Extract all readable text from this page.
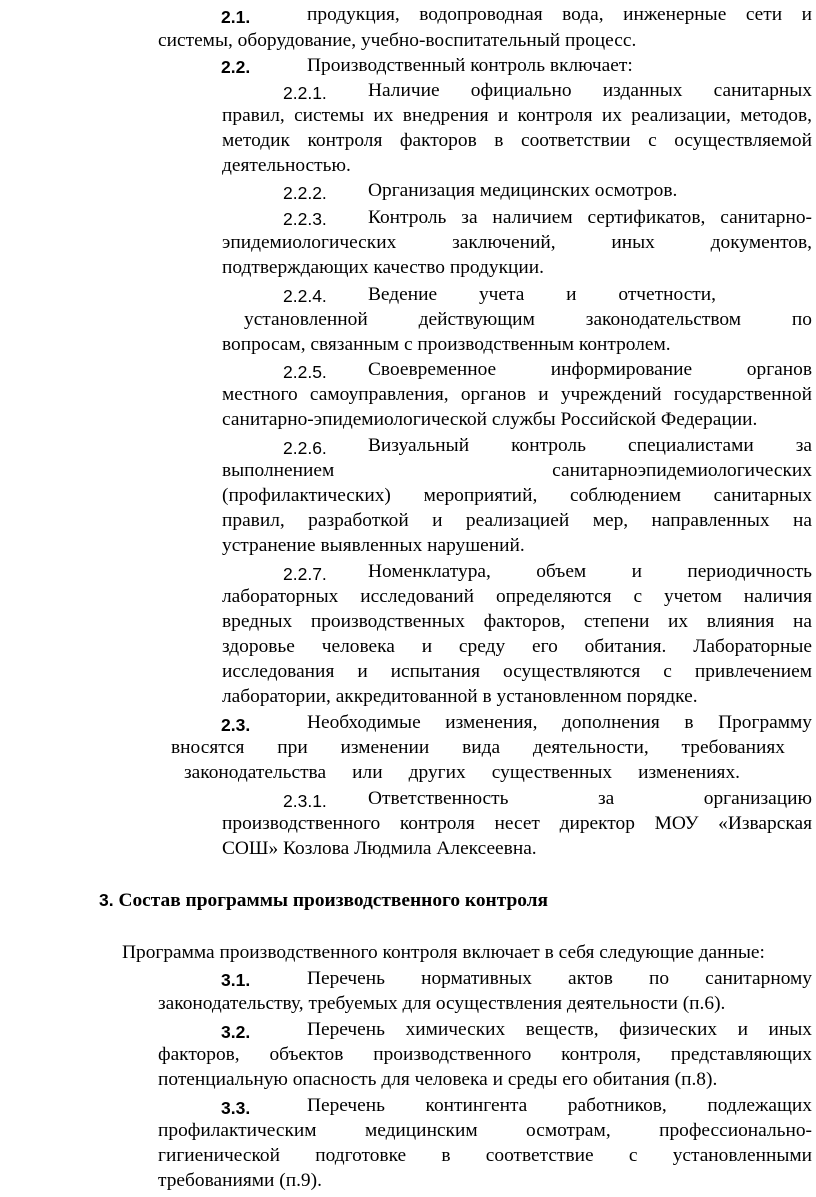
2.1.	продукция, водопроводная вода, инженерные сети и
системы, оборудование, учебно-воспитательный процесс.
2.2.	Производственный контроль включает:
2.2.1. Наличие официально изданных санитарных
правил, системы их внедрения и контроля их реализации, методов,
методик контроля факторов в соответствии с осуществляемой
деятельностью.
2.2.2. Организация медицинских осмотров.
2.2.3. Контроль за наличием сертификатов, санитарно-
эпидемиологических заключений, иных документов,
подтверждающих качество продукции.
2.2.4. Ведение учета и отчетности,
установленной действующим законодательством по
вопросам, связанным с производственным контролем.
2.2.5. Своевременное информирование органов
местного самоуправления, органов и учреждений государственной
санитарно-эпидемиологической службы Российской Федерации.
2.2.6. Визуальный контроль специалистами за
выполнением санитарноэпидемиологических
(профилактических) мероприятий, соблюдением санитарных
правил, разработкой и реализацией мер, направленных на
устранение выявленных нарушений.
2.2.7. Номенклатура, объем и периодичность
лабораторных исследований определяются с учетом наличия
вредных производственных факторов, степени их влияния на
здоровье человека и среду его обитания. Лабораторные
исследования и испытания осуществляются с привлечением
лаборатории, аккредитованной в установленном порядке.
2.3.	Необходимые изменения, дополнения в Программу
вносятся при изменении вида деятельности, требованиях
законодательства или других существенных изменениях.
2.3.1. Ответственность за организацию
производственного контроля несет директор МОУ «Изварская
СОШ» Козлова Людмила Алексеевна.
3. Состав программы производственного контроля
Программа производственного контроля включает в себя следующие данные:
3.1.	Перечень нормативных актов по санитарному
законодательству, требуемых для осуществления деятельности (п.6).
3.2.	Перечень химических веществ, физических и иных
факторов, объектов производственного контроля, представляющих
потенциальную опасность для человека и среды его обитания (п.8).
3.3.	Перечень контингента работников, подлежащих
профилактическим медицинским осмотрам, профессионально-
гигиенической подготовке в соответствие с установленными
требованиями (п.9).
